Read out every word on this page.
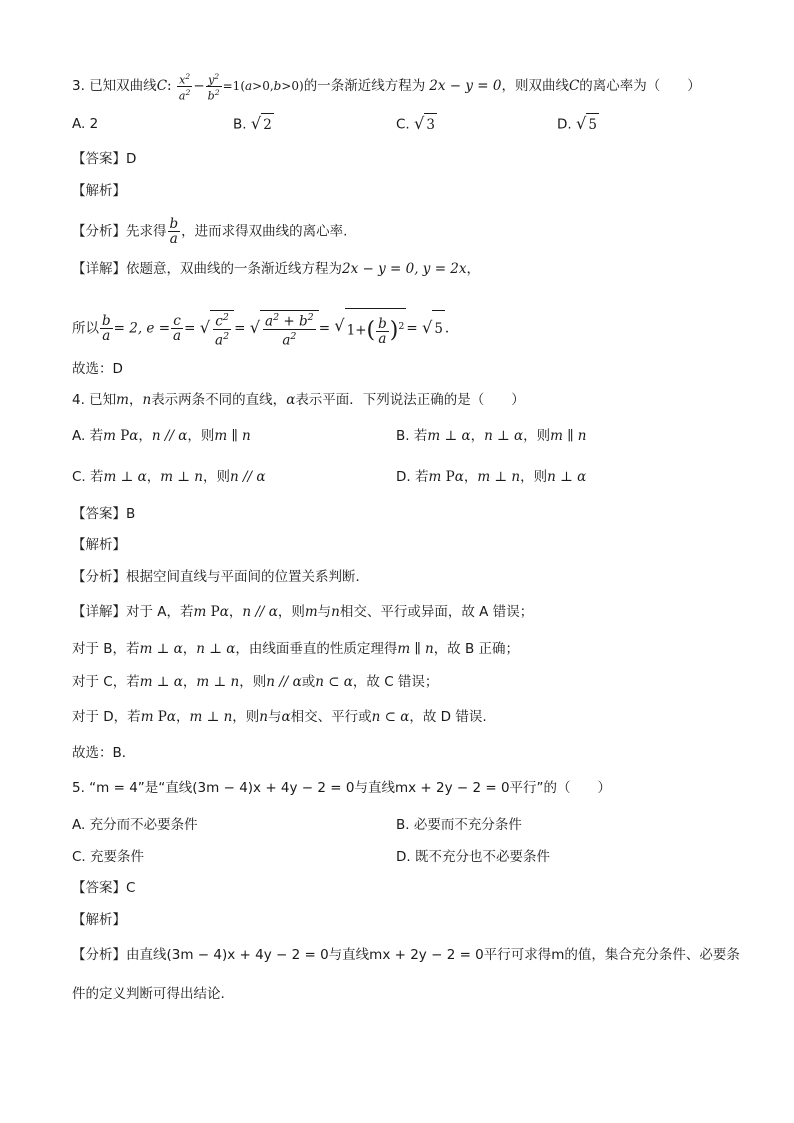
3. 已知双曲线C: $\frac{x^2}{a^2} - \frac{y^2}{b^2} =1(a>0,b>0)$的一条渐近线方程为 2x − y = 0，则双曲线C的离心率为（　　）
A. 2	B. √ 2	C. √ 3	D. √ 5
【答案】D
【解析】
【分析】先求得 $\frac{b}{a}$ ，进而求得双曲线的离心率.
【详解】依题意，双曲线的一条渐近线方程为2x − y = 0, y = 2x，
所以 $\frac{b}{a} = 2$, $e = \frac{c}{a}$ = √ $\frac{c^2}{a^2}$ = √ $\frac{a^2 + b^2}{a^2}$ = √ $1+( \frac{b}{a} )^2$ = √ 5 .
故选：D
4. 已知m，n表示两条不同的直线，α表示平面．下列说法正确的是（　　）
A. 若m Pα，n // α，则m ∥ n	B. 若m ⊥ α，n ⊥ α，则m ∥ n
C. 若m ⊥ α，m ⊥ n，则n // α	D. 若m Pα，m ⊥ n，则n ⊥ α
【答案】B
【解析】
【分析】根据空间直线与平面间的位置关系判断．
【详解】对于 A，若m Pα，n // α，则m与n相交、平行或异面，故 A 错误；
对于 B，若m ⊥ α，n ⊥ α，由线面垂直的性质定理得m ∥ n，故 B 正确；
对于 C，若m ⊥ α，m ⊥ n，则n // α或n ⊂ α，故 C 错误；
对于 D，若m Pα，m ⊥ n，则n与α相交、平行或n ⊂ α，故 D 错误.
故选：B．
5. “m = 4”是“直线(3m − 4)x + 4y − 2 = 0与直线mx + 2y − 2 = 0平行”的（　　）
A. 充分而不必要条件	B. 必要而不充分条件
C. 充要条件	D. 既不充分也不必要条件
【答案】C
【解析】
【分析】由直线(3m − 4)x + 4y − 2 = 0与直线mx + 2y − 2 = 0平行可求得m的值，集合充分条件、必要条
件的定义判断可得出结论.
